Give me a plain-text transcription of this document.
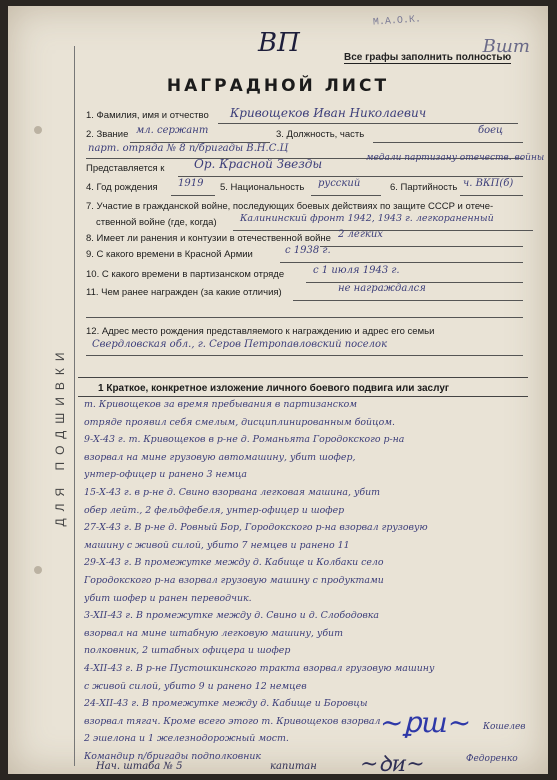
ДЛЯ ПОДШИВКИ
ВП
М.А.О.К.
Вшт
Все графы заполнить полностью
НАГРАДНОЙ ЛИСТ
1. Фамилия, имя и отчество Кривощеков Иван Николаевич
2. Звание мл. сержант	3. Должность, часть	боец
парт. отряда № 8 п/бригады В.Н.С.Ц
Представляется к Ор. Красной Звезды	медали партизану отечеств. войны
4. Год рождения 1919 5. Национальность русский	6. Партийность ч. ВКП(б)
7. Участие в гражданской войне, последующих боевых действиях по защите СССР и отече-
ственной войне (где, когда) Калининский фронт 1942, 1943 г. легкораненный
8. Имеет ли ранения и контузии в отечественной войне 2 легких
9. С какого времени в Красной Армии	с 1938 г.
10. С какого времени в партизанском отряде	с 1 июля 1943 г.
11. Чем ранее награжден (за какие отличия)	не награждался
12. Адрес место рождения представляемого к награждению и адрес его семьи
Свердловская обл., г. Серов Петропавловский поселок
1 Краткое, конкретное изложение личного боевого подвига или заслуг
т. Кривощеков за время пребывания в партизанском
отряде проявил себя смелым, дисциплинированным бойцом.
9-Х-43 г. т. Кривощеков в р-не д. Романьята Городокского р-на
взорвал на мине грузовую автомашину, убит шофер,
унтер-офицер и ранено 3 немца
15-Х-43 г. в р-не д. Свино взорвана легковая машина, убит
обер лейт., 2 фельдфебеля, унтер-офицер и шофер
27-Х-43 г. В р-не д. Ровный Бор, Городокского р-на взорвал грузовую
машину с живой силой, убито 7 немцев и ранено 11
29-Х-43 г. В промежутке между д. Кабище и Колбаки село
Городокского р-на взорвал грузовую машину с продуктами
убит шофер и ранен переводчик.
3-ХII-43 г. В промежутке между д. Свино и д. Слободовка
взорвал на мине штабную легковую машину, убит
полковник, 2 штабных офицера и шофер
4-ХII-43 г. В р-не Пустошкинского тракта взорвал грузовую машину
с живой силой, убито 9 и ранено 12 немцев
24-ХII-43 г. В промежутке между д. Кабище и Боровцы
взорвал тягач. Кроме всего этого т. Кривощеков взорвал
2 эшелона и 1 железнодорожный мост.
Командир п/бригады подполковник
Нач. штаба № 5	капитан
~ꝑш~ Кошелев
~ꝺᴎ~	Федоренко
